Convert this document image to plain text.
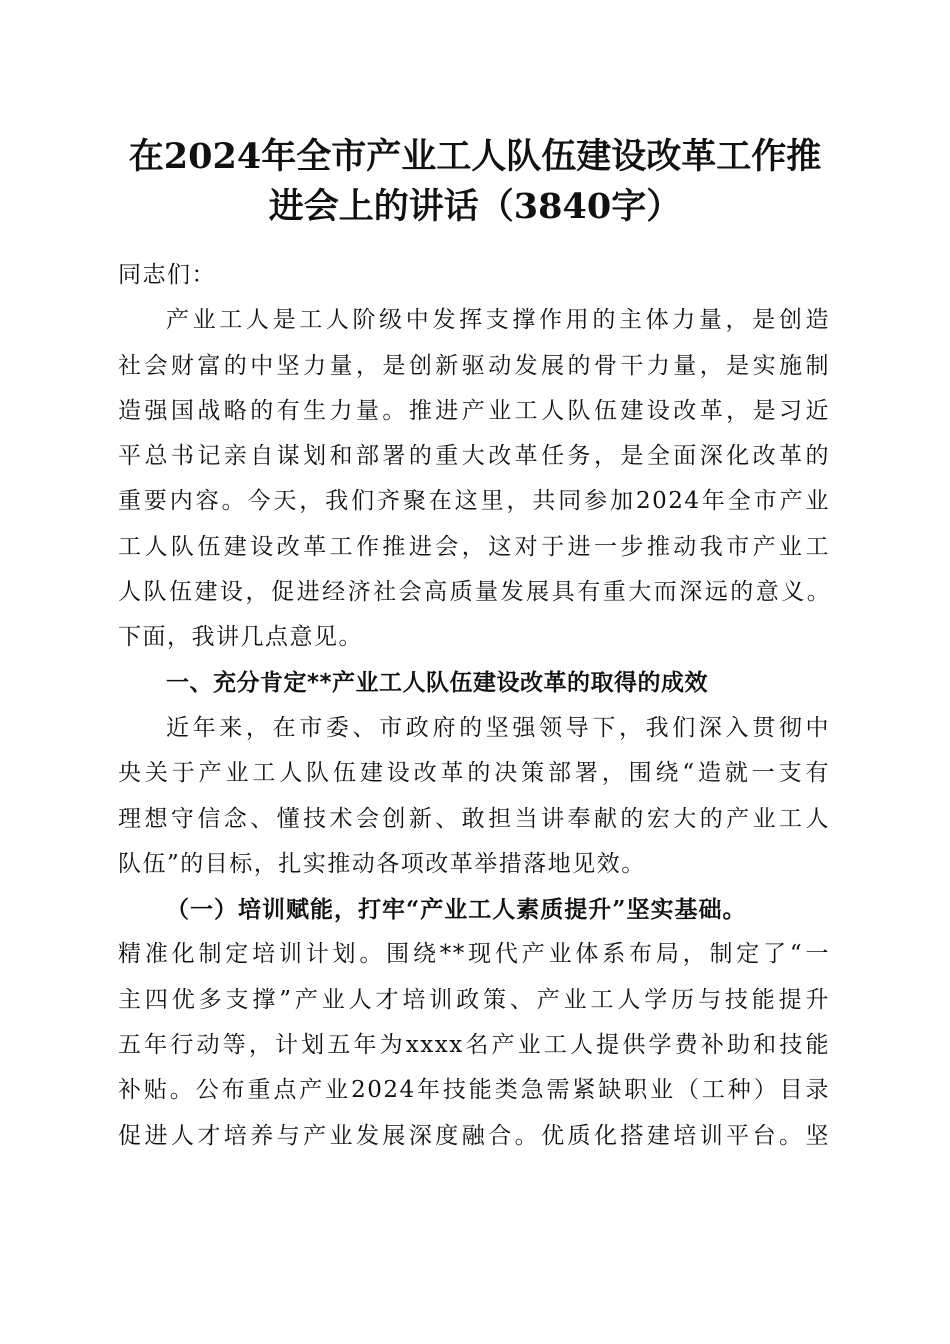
在2024年全市产业工人队伍建设改革工作推
进会上的讲话（3840字）
同志们：
产业工人是工人阶级中发挥支撑作用的主体力量，是创造
社会财富的中坚力量，是创新驱动发展的骨干力量，是实施制
造强国战略的有生力量。推进产业工人队伍建设改革，是习近
平总书记亲自谋划和部署的重大改革任务，是全面深化改革的
重要内容。今天，我们齐聚在这里，共同参加2024年全市产业
工人队伍建设改革工作推进会，这对于进一步推动我市产业工
人队伍建设，促进经济社会高质量发展具有重大而深远的意义。
下面，我讲几点意见。
一、充分肯定**产业工人队伍建设改革的取得的成效
近年来，在市委、市政府的坚强领导下，我们深入贯彻中
央关于产业工人队伍建设改革的决策部署，围绕“造就一支有
理想守信念、懂技术会创新、敢担当讲奉献的宏大的产业工人
队伍”的目标，扎实推动各项改革举措落地见效。
（一）培训赋能，打牢“产业工人素质提升”坚实基础。
精准化制定培训计划。围绕**现代产业体系布局，制定了“一
主四优多支撑”产业人才培训政策、产业工人学历与技能提升
五年行动等，计划五年为xxxx名产业工人提供学费补助和技能
补贴。公布重点产业2024年技能类急需紧缺职业（工种）目录
促进人才培养与产业发展深度融合。优质化搭建培训平台。坚
